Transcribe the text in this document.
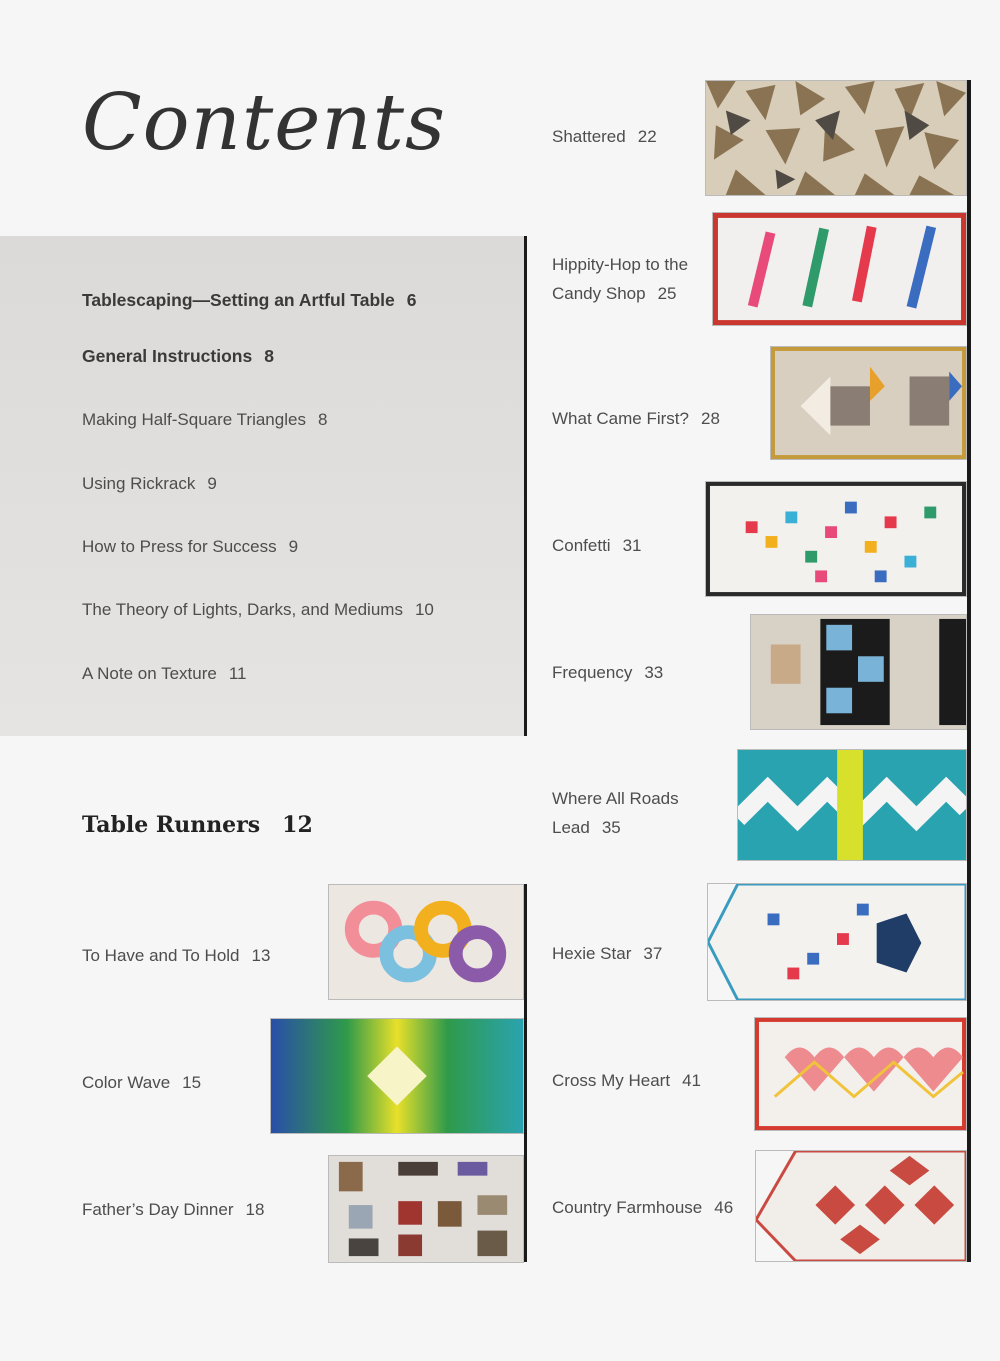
Contents
Tablescaping—Setting an Artful Table 6
General Instructions 8
Making Half-Square Triangles 8
Using Rickrack 9
How to Press for Success 9
The Theory of Lights, Darks, and Mediums 10
A Note on Texture 11
Table Runners 12
To Have and To Hold 13
Color Wave 15
Father’s Day Dinner 18
Shattered 22
Hippity-Hop to the
Candy Shop 25
What Came First? 28
Confetti 31
Frequency 33
Where All Roads
Lead 35
Hexie Star 37
Cross My Heart 41
Country Farmhouse 46
